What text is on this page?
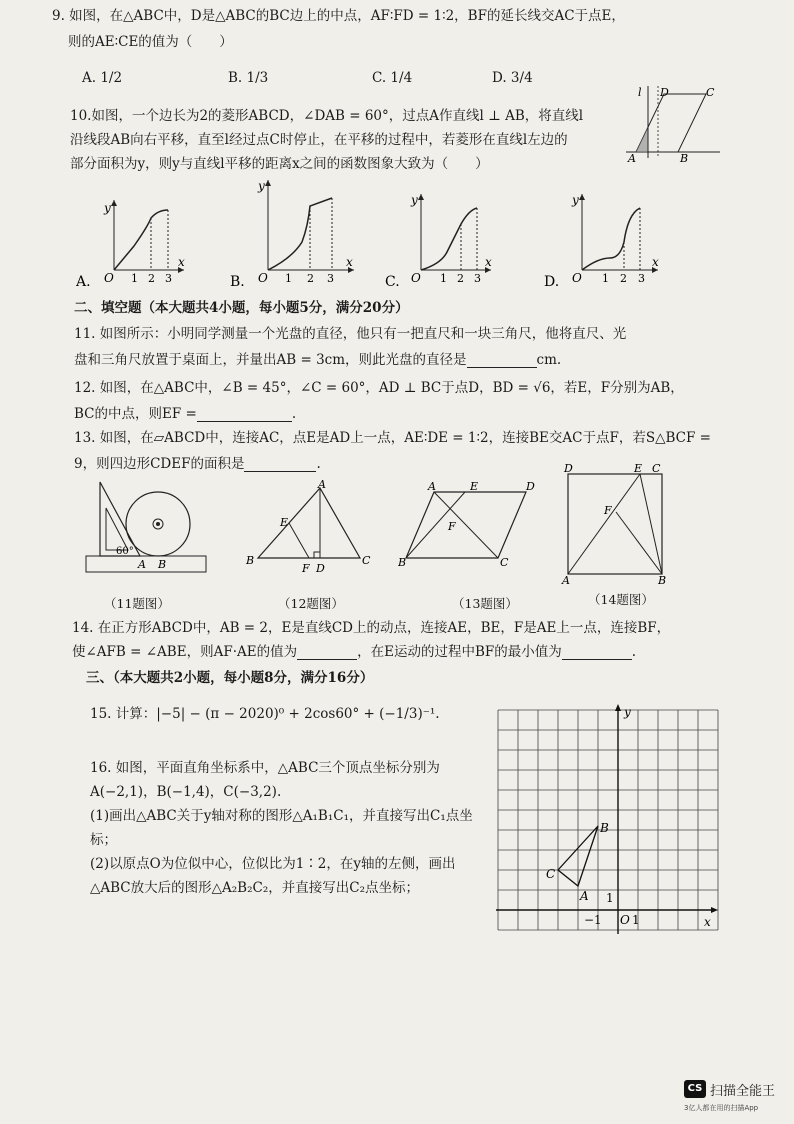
9. 如图，在△ABC中，D是△ABC的BC边上的中点，AF∶FD = 1∶2，BF的延长线交AC于点E，
则的AE∶CE的值为（　　）
A. 1/2	B. 1/3	C. 1/4	D. 3/4
10.如图，一个边长为2的菱形ABCD，∠DAB = 60°，过点A作直线l ⊥ AB，将直线l
沿线段AB向右平移，直至l经过点C时停止，在平移的过程中，若菱形在直线l左边的
部分面积为y，则y与直线l平移的距离x之间的函数图象大致为（　　）
l D	C
A	B
A.
y
x
O 1 2 3	B.
y
x
O 1 2 3	C.
y
x
O 1 2 3	D.
y
x
O 1 2 3
二、填空题（本大题共4小题，每小题5分，满分20分）
11. 如图所示：小明同学测量一个光盘的直径，他只有一把直尺和一块三角尺，他将直尺、光
盘和三角尺放置于桌面上，并量出AB = 3cm，则此光盘的直径是	cm.
12. 如图，在△ABC中，∠B = 45°，∠C = 60°，AD ⊥ BC于点D，BD = √6，若E，F分别为AB，
BC的中点，则EF =	.
13. 如图，在▱ABCD中，连接AC，点E是AD上一点，AE∶DE = 1∶2，连接BE交AC于点F，若S△BCF =
9，则四边形CDEF的面积是	.
60°
A B
（11题图）
A
E
B
F D
C
（12题图）
A	E	D
F
B	C
（13题图）
D	E C
F
A	B
（14题图）
14. 在正方形ABCD中，AB = 2，E是直线CD上的动点，连接AE，BE，F是AE上一点，连接BF，
使∠AFB = ∠ABE，则AF·AE的值为	，在E运动的过程中BF的最小值为	.
三、（本大题共2小题，每小题8分，满分16分）
15. 计算：|−5| − (π − 2020)⁰ + 2cos60° + (−1/3)⁻¹.
16. 如图，平面直角坐标系中，△ABC三个顶点坐标分别为
A(−2,1)，B(−1,4)，C(−3,2).
(1)画出△ABC关于y轴对称的图形△A₁B₁C₁，并直接写出C₁点坐
标；
(2)以原点O为位似中心，位似比为1∶2，在y轴的左侧，画出
△ABC放大后的图形△A₂B₂C₂，并直接写出C₂点坐标；
y
x
B
C
A 1
−1 O 1
CS 扫描全能王
3亿人都在用的扫描App
